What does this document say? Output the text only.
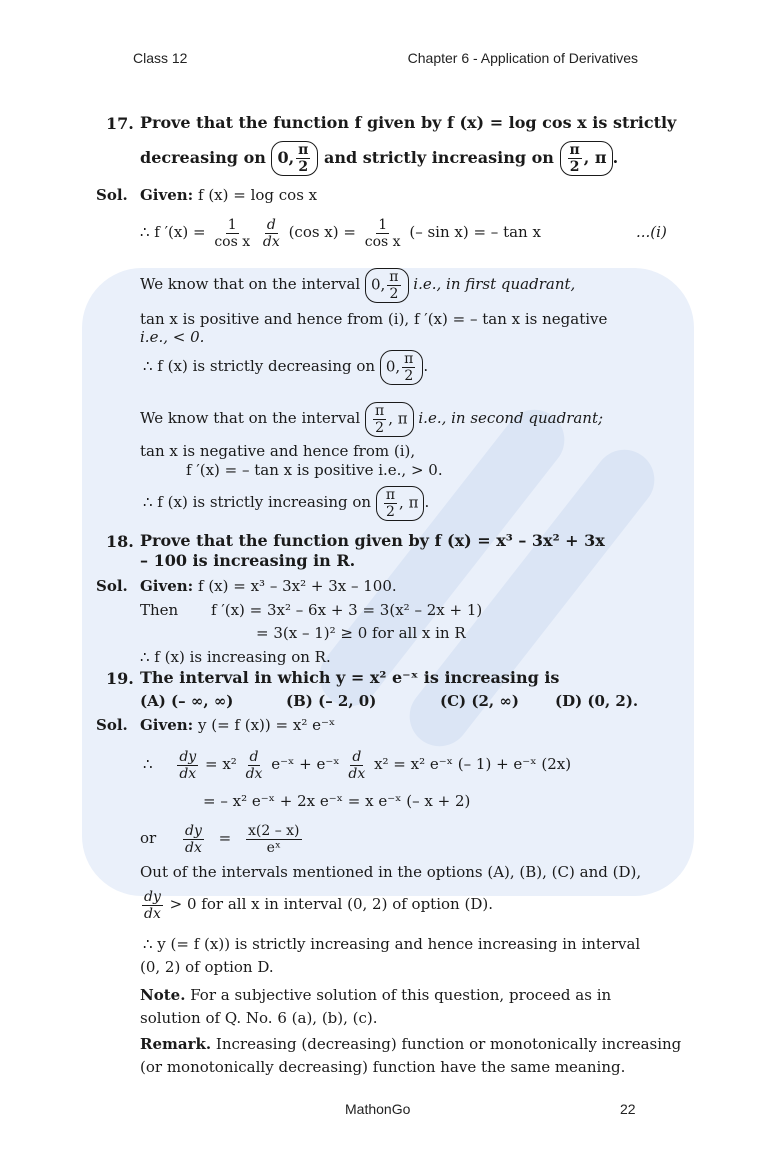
Class 12	Chapter 6 - Application of Derivatives
17. Prove that the function f given by f (x) = log cos x is strictly
decreasing on 0, $\frac{\pi}{2}$ and strictly increasing on $\frac{\pi}{2}$ , π .
Sol. Given: f (x) = log cos x
∴ f $'(x) = \frac{1}{\text{cos x}}$
$\frac{d}{dx} (\cos$ $x) = \frac{1}{\text{cos x}}$ (– sin x) = – tan x	...(i)
We know that on the interval 0, $\frac{\pi}{2} i.e$., in first quadrant,
tan x is positive and hence from (i), f ′(x) = – tan x is negative
i.e., < 0.
∴ f (x) is strictly decreasing on 0, $\frac{\pi}{2}$ .
We know that on the interval $\frac{\pi}{2}$ , π i.e., in second quadrant;
tan x is negative and hence from (i),
f ′(x) = – tan x is positive i.e., > 0.
∴ f (x) is strictly increasing on $\frac{\pi}{2}$ , π .
18. Prove that the function given by f (x) = x³ – 3x² + 3x
– 100 is increasing in R.
Sol. Given: f (x) = x³ – 3x² + 3x – 100.
Then f ′(x) = 3x² – 6x + 3 = 3(x² – 2x + 1)
= 3(x – 1)² ≥ 0 for all x in R
∴ f (x) is increasing on R.
19. The interval in which y = x² e⁻ˣ is increasing is
(A) (– ∞, ∞)	(B) (– 2, 0)	(C) (2, ∞) (D) (0, 2).
Sol. Given: y (= f (x)) = x² e⁻ˣ
∴ $\frac{dy}{dx} = x^2 \frac{d}{dx}$ e⁻ˣ + e⁻ˣ $\frac{d}{dx} x^2 = x^2$ e⁻ˣ (– 1) + e⁻ˣ (2x)
= – x² e⁻ˣ + 2x e⁻ˣ = x e⁻ˣ (– x + 2)
or $\frac{dy}{dx} = \frac{x(2 - x)}{\text{eˣ}}$
Out of the intervals mentioned in the options (A), (B), (C) and (D),
$\frac{dy}{dx} > 0$ for all x in interval (0, 2) of option (D).
∴ y (= f (x)) is strictly increasing and hence increasing in interval
(0, 2) of option D.
Note. For a subjective solution of this question, proceed as in
solution of Q. No. 6 (a), (b), (c).
Remark. Increasing (decreasing) function or monotonically increasing
(or monotonically decreasing) function have the same meaning.
MathonGo	22
